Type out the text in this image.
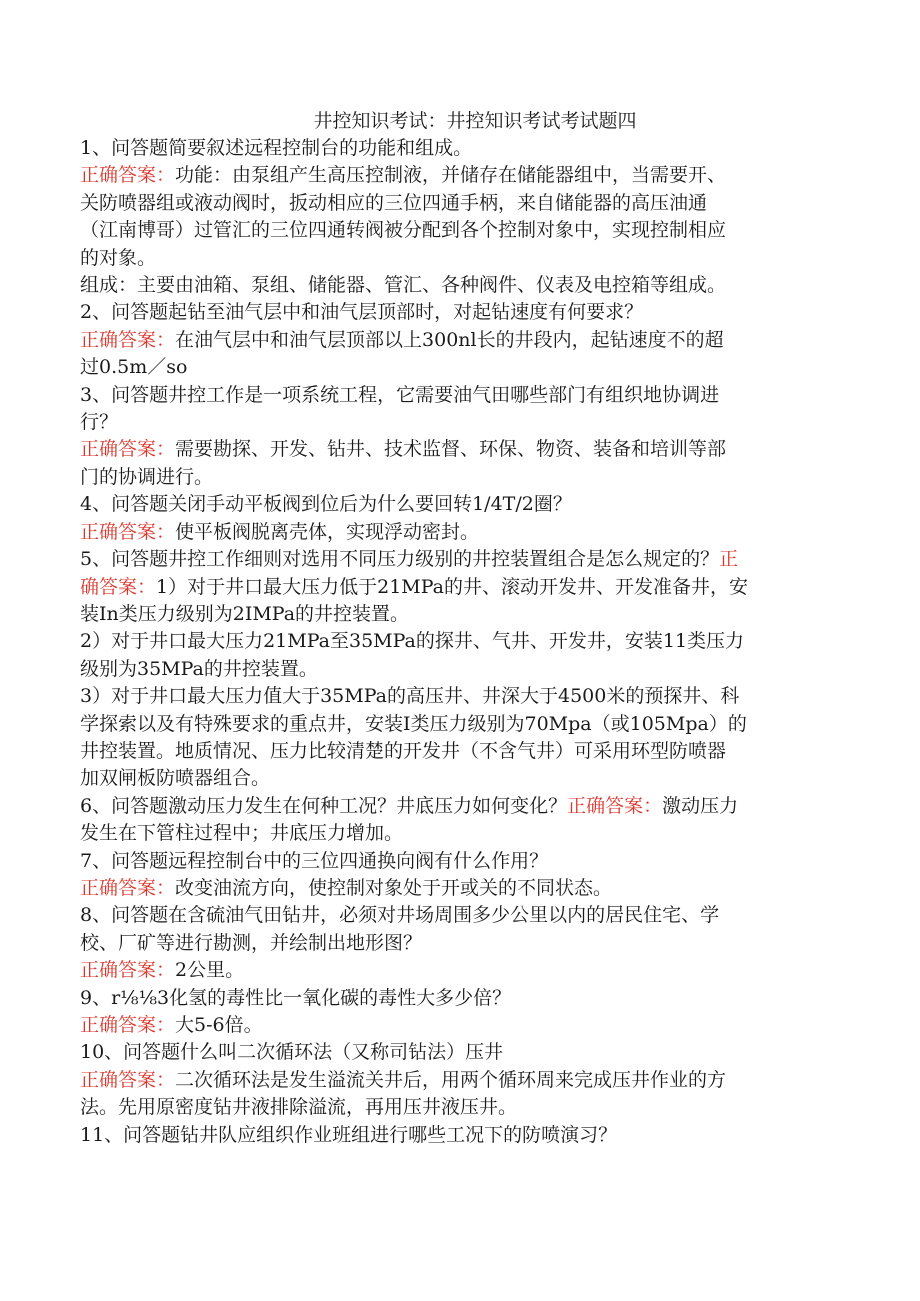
井控知识考试：井控知识考试考试题四

1、问答题简要叙述远程控制台的功能和组成。

正确答案：功能：由泵组产生高压控制液，并储存在储能器组中，当需要开、

关防喷器组或液动阀时，扳动相应的三位四通手柄，来自储能器的高压油通

（江南博哥）过管汇的三位四通转阀被分配到各个控制对象中，实现控制相应

的对象。

组成：主要由油箱、泵组、储能器、管汇、各种阀件、仪表及电控箱等组成。

2、问答题起钻至油气层中和油气层顶部时，对起钻速度有何要求？

正确答案：在油气层中和油气层顶部以上300nl长的井段内，起钻速度不的超

过0.5m／so

3、问答题井控工作是一项系统工程，它需要油气田哪些部门有组织地协调进

行？

正确答案：需要勘探、开发、钻井、技术监督、环保、物资、装备和培训等部

门的协调进行。

4、问答题关闭手动平板阀到位后为什么要回转1/4T/2圈？

正确答案：使平板阀脱离壳体，实现浮动密封。

5、问答题井控工作细则对选用不同压力级别的井控装置组合是怎么规定的？正

确答案：1）对于井口最大压力低于21MPa的井、滚动开发井、开发准备井，安

装In类压力级别为2IMPa的井控装置。

2）对于井口最大压力21MPa至35MPa的探井、气井、开发井，安装11类压力

级别为35MPa的井控装置。

3）对于井口最大压力值大于35MPa的高压井、井深大于4500米的预探井、科

学探索以及有特殊要求的重点井，安装I类压力级别为70Mpa（或105Mpa）的

井控装置。地质情况、压力比较清楚的开发井（不含气井）可采用环型防喷器

加双闸板防喷器组合。

6、问答题激动压力发生在何种工况？井底压力如何变化？正确答案：激动压力

发生在下管柱过程中；井底压力增加。

7、问答题远程控制台中的三位四通换向阀有什么作用？

正确答案：改变油流方向，使控制对象处于开或关的不同状态。

8、问答题在含硫油气田钻井，必须对井场周围多少公里以内的居民住宅、学

校、厂矿等进行勘测，并绘制出地形图？

正确答案：2公里。

9、r⅛⅛3化氢的毒性比一氧化碳的毒性大多少倍？

正确答案：大5-6倍。

10、问答题什么叫二次循环法（又称司钻法）压井

正确答案：二次循环法是发生溢流关井后，用两个循环周来完成压井作业的方

法。先用原密度钻井液排除溢流，再用压井液压井。

11、问答题钻井队应组织作业班组进行哪些工况下的防喷演习？
